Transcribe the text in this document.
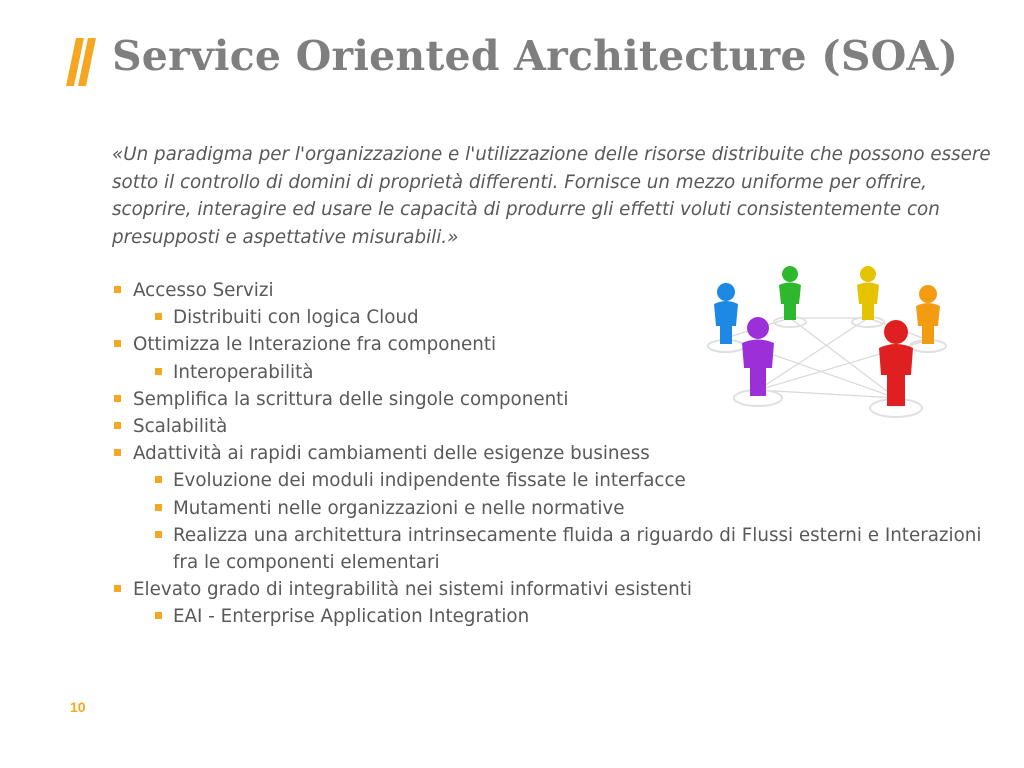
Service Oriented Architecture (SOA)

«Un paradigma per l'organizzazione e l'utilizzazione delle risorse distribuite che possono essere sotto il controllo di domini di proprietà differenti. Fornisce un mezzo uniforme per offrire, scoprire, interagire ed usare le capacità di produrre gli effetti voluti consistentemente con presupposti e aspettative misurabili.»

Accesso Servizi
Distribuiti con logica Cloud
Ottimizza le Interazione fra componenti
Interoperabilità
Semplifica la scrittura delle singole componenti
Scalabilità
Adattività ai rapidi cambiamenti delle esigenze business
Evoluzione dei moduli indipendente fissate le interfacce
Mutamenti nelle organizzazioni e nelle normative
Realizza una architettura intrinsecamente fluida a riguardo di Flussi esterni e Interazioni fra le componenti elementari
Elevato grado di integrabilità nei sistemi informativi esistenti
EAI - Enterprise Application Integration
10
